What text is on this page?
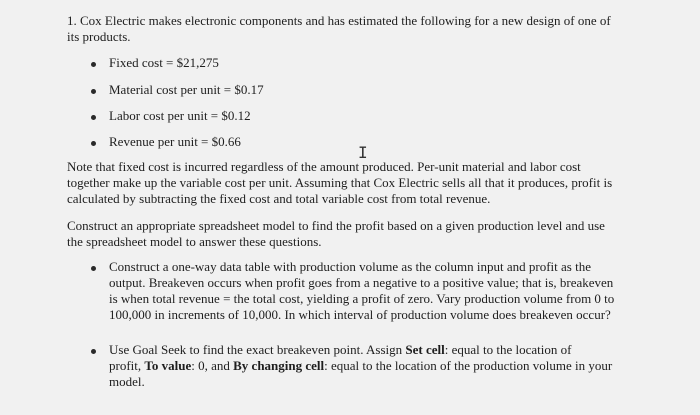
1. Cox Electric makes electronic components and has estimated the following for a new design of one of
its products.
Fixed cost = $21,275
Material cost per unit = $0.17
Labor cost per unit = $0.12
Revenue per unit = $0.66
I
Note that fixed cost is incurred regardless of the amount produced. Per-unit material and labor cost
together make up the variable cost per unit. Assuming that Cox Electric sells all that it produces, profit is
calculated by subtracting the fixed cost and total variable cost from total revenue.
Construct an appropriate spreadsheet model to find the profit based on a given production level and use
the spreadsheet model to answer these questions.
Construct a one-way data table with production volume as the column input and profit as the
output. Breakeven occurs when profit goes from a negative to a positive value; that is, breakeven
is when total revenue = the total cost, yielding a profit of zero. Vary production volume from 0 to
100,000 in increments of 10,000. In which interval of production volume does breakeven occur?
Use Goal Seek to find the exact breakeven point. Assign Set cell: equal to the location of
profit, To value: 0, and By changing cell: equal to the location of the production volume in your
model.
